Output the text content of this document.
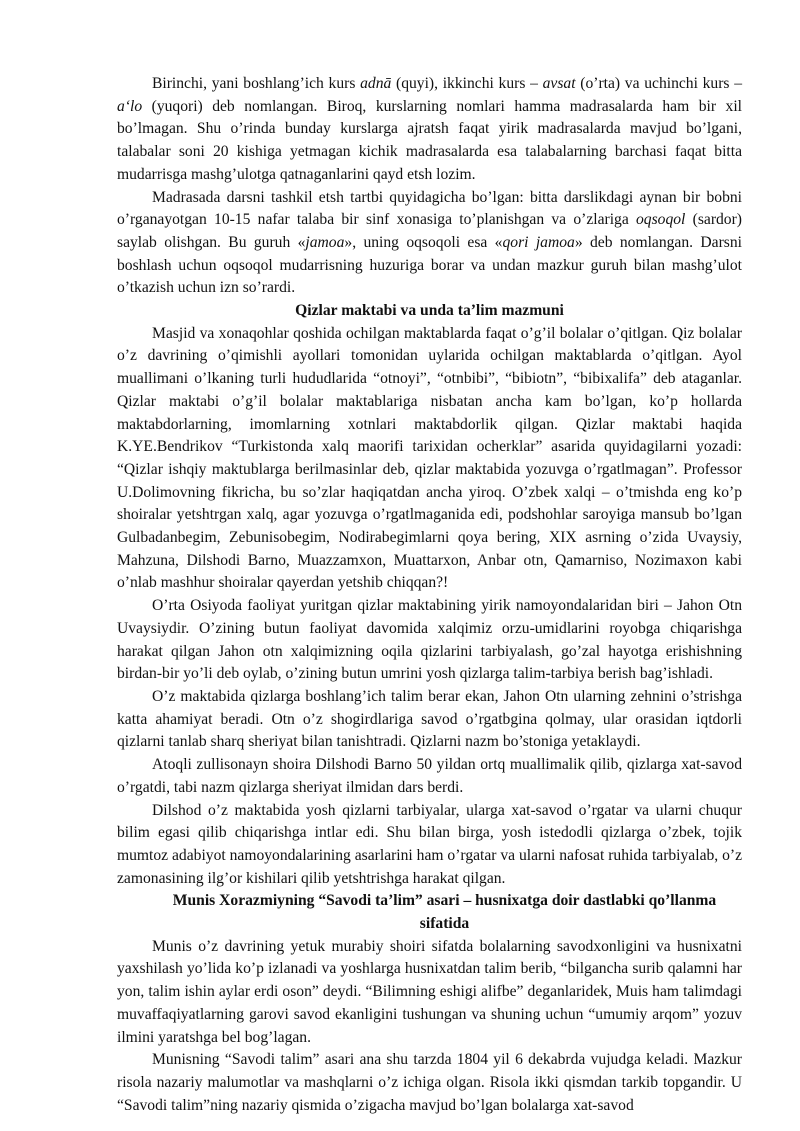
Birinchi, yani boshlang’ich kurs adnā (quyi), ikkinchi kurs – avsat (o’rta) va uchinchi kurs – a‘lo (yuqori) deb nomlangan. Biroq, kurslarning nomlari hamma madrasalarda ham bir xil bo’lmagan. Shu o’rinda bunday kurslarga ajratsh faqat yirik madrasalarda mavjud bo’lgani, talabalar soni 20 kishiga yetmagan kichik madrasalarda esa talabalarning barchasi faqat bitta mudarrisga mashg’ulotga qatnaganlarini qayd etsh lozim.

Madrasada darsni tashkil etsh tartbi quyidagicha bo’lgan: bitta darslikdagi aynan bir bobni o’rganayotgan 10-15 nafar talaba bir sinf xonasiga to’planishgan va o’zlariga oqsoqol (sardor) saylab olishgan. Bu guruh «jamoa», uning oqsoqoli esa «qori jamoa» deb nomlangan. Darsni boshlash uchun oqsoqol mudarrisning huzuriga borar va undan mazkur guruh bilan mashg’ulot o’tkazish uchun izn so’rardi.

Qizlar maktabi va unda ta’lim mazmuni

Masjid va xonaqohlar qoshida ochilgan maktablarda faqat o’g’il bolalar o’qitlgan. Qiz bolalar o’z davrining o’qimishli ayollari tomonidan uylarida ochilgan maktablarda o’qitlgan. Ayol muallimani o’lkaning turli hududlarida “otnoyi”, “otnbibi”, “bibiotn”, “bibixalifa” deb ataganlar. Qizlar maktabi o’g’il bolalar maktablariga nisbatan ancha kam bo’lgan, ko’p hollarda maktabdorlarning, imomlarning xotnlari maktabdorlik qilgan. Qizlar maktabi haqida K.YE.Bendrikov “Turkistonda xalq maorifi tarixidan ocherklar” asarida quyidagilarni yozadi: “Qizlar ishqiy maktublarga berilmasinlar deb, qizlar maktabida yozuvga o’rgatlmagan”. Professor U.Dolimovning fikricha, bu so’zlar haqiqatdan ancha yiroq. O’zbek xalqi – o’tmishda eng ko’p shoiralar yetshtrgan xalq, agar yozuvga o’rgatlmaganida edi, podshohlar saroyiga mansub bo’lgan Gulbadanbegim, Zebunisobegim, Nodirabegimlarni qoya bering, XIX asrning o’zida Uvaysiy, Mahzuna, Dilshodi Barno, Muazzamxon, Muattarxon, Anbar otn, Qamarniso, Nozimaxon kabi o’nlab mashhur shoiralar qayerdan yetshib chiqqan?!

O’rta Osiyoda faoliyat yuritgan qizlar maktabining yirik namoyondalaridan biri – Jahon Otn Uvaysiydir. O’zining butun faoliyat davomida xalqimiz orzu-umidlarini royobga chiqarishga harakat qilgan Jahon otn xalqimizning oqila qizlarini tarbiyalash, go’zal hayotga erishishning birdan-bir yo’li deb oylab, o’zining butun umrini yosh qizlarga talim-tarbiya berish bag’ishladi.

O’z maktabida qizlarga boshlang’ich talim berar ekan, Jahon Otn ularning zehnini o’strishga katta ahamiyat beradi. Otn o’z shogirdlariga savod o’rgatbgina qolmay, ular orasidan iqtdorli qizlarni tanlab sharq sheriyat bilan tanishtradi. Qizlarni nazm bo’stoniga yetaklaydi.

Atoqli zullisonayn shoira Dilshodi Barno 50 yildan ortq muallimalik qilib, qizlarga xat-savod o’rgatdi, tabi nazm qizlarga sheriyat ilmidan dars berdi.

Dilshod o’z maktabida yosh qizlarni tarbiyalar, ularga xat-savod o’rgatar va ularni chuqur bilim egasi qilib chiqarishga intlar edi. Shu bilan birga, yosh istedodli qizlarga o’zbek, tojik mumtoz adabiyot namoyondalarining asarlarini ham o’rgatar va ularni nafosat ruhida tarbiyalab, o’z zamonasining ilg’or kishilari qilib yetshtrishga harakat qilgan.

Munis Xorazmiyning “Savodi ta’lim” asari – husnixatga doir dastlabki qo’llanma
sifatida

Munis o’z davrining yetuk murabiy shoiri sifatda bolalarning savodxonligini va husnixatni yaxshilash yo’lida ko’p izlanadi va yoshlarga husnixatdan talim berib, “bilgancha surib qalamni har yon, talim ishin aylar erdi oson” deydi. “Bilimning eshigi alifbe” deganlaridek, Muis ham talimdagi muvaffaqiyatlarning garovi savod ekanligini tushungan va shuning uchun “umumiy arqom” yozuv ilmini yaratshga bel bog’lagan.

Munisning “Savodi talim” asari ana shu tarzda 1804 yil 6 dekabrda vujudga keladi. Mazkur risola nazariy malumotlar va mashqlarni o’z ichiga olgan. Risola ikki qismdan tarkib topgandir. U “Savodi talim”ning nazariy qismida o’zigacha mavjud bo’lgan bolalarga xat-savod
